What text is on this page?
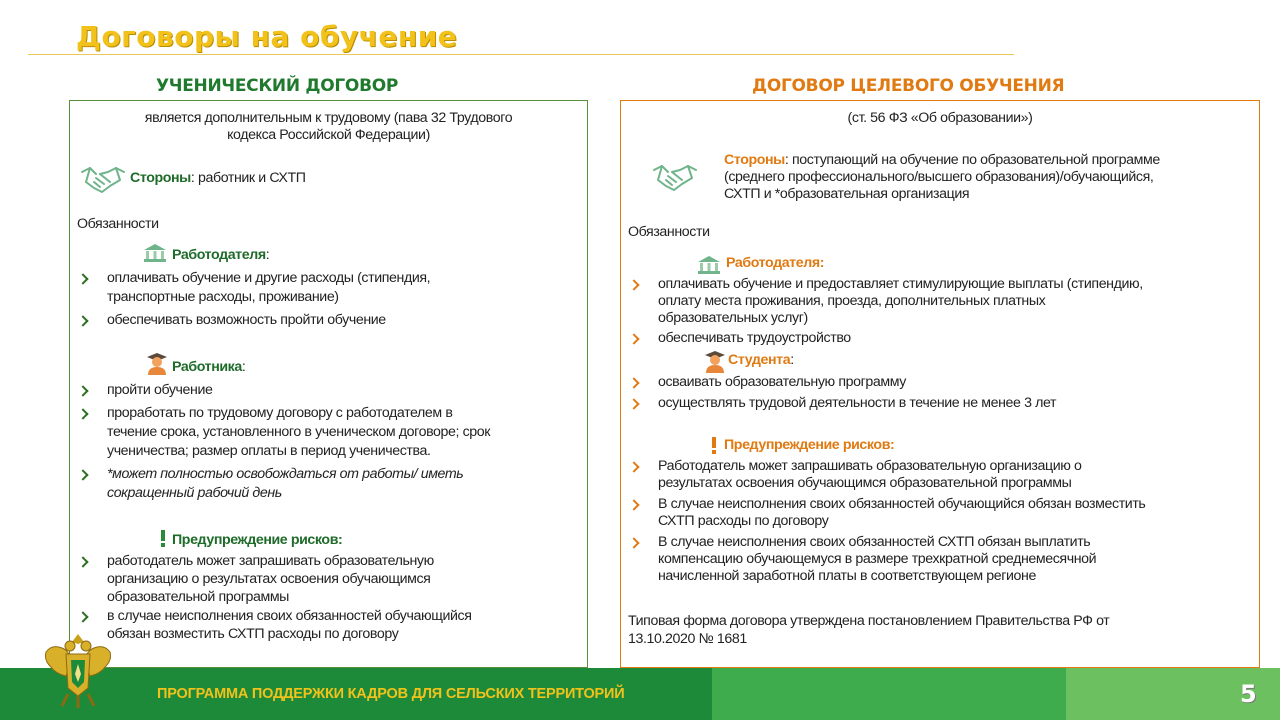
Договоры на обучение
УЧЕНИЧЕСКИЙ ДОГОВОР	ДОГОВОР ЦЕЛЕВОГО ОБУЧЕНИЯ
является дополнительным к трудовому (пава 32 Трудового
кодекса Российской Федерации)
Стороны: работник и СХТП
Обязанности
Работодателя:
оплачивать обучение и другие расходы (стипендия,
транспортные расходы, проживание)
обеспечивать возможность пройти обучение
Работника:
пройти обучение
проработать по трудовому договору с работодателем в
течение срока, установленного в ученическом договоре; срок
ученичества; размер оплаты в период ученичества.
*может полностью освобождаться от работы/ иметь
сокращенный рабочий день
Предупреждение рисков:
работодатель может запрашивать образовательную
организацию о результатах освоения обучающимся
образовательной программы
в случае неисполнения своих обязанностей обучающийся
обязан возместить СХТП расходы по договору
(ст. 56 ФЗ «Об образовании»)
Стороны: поступающий на обучение по образовательной программе
(среднего профессионального/высшего образования)/обучающийся,
СХТП и *образовательная организация
Обязанности
Работодателя:
оплачивать обучение и предоставляет стимулирующие выплаты (стипендию,
оплату места проживания, проезда, дополнительных платных
образовательных услуг)
обеспечивать трудоустройство
Студента:
осваивать образовательную программу
осуществлять трудовой деятельности в течение не менее 3 лет
Предупреждение рисков:
Работодатель может запрашивать образовательную организацию о
результатах освоения обучающимся образовательной программы
В случае неисполнения своих обязанностей обучающийся обязан возместить
СХТП расходы по договору
В случае неисполнения своих обязанностей СХТП обязан выплатить
компенсацию обучающемуся в размере трехкратной среднемесячной
начисленной заработной платы в соответствующем регионе
Типовая форма договора утверждена постановлением Правительства РФ от
13.10.2020 № 1681
ПРОГРАММА ПОДДЕРЖКИ КАДРОВ ДЛЯ СЕЛЬСКИХ ТЕРРИТОРИЙ	5
